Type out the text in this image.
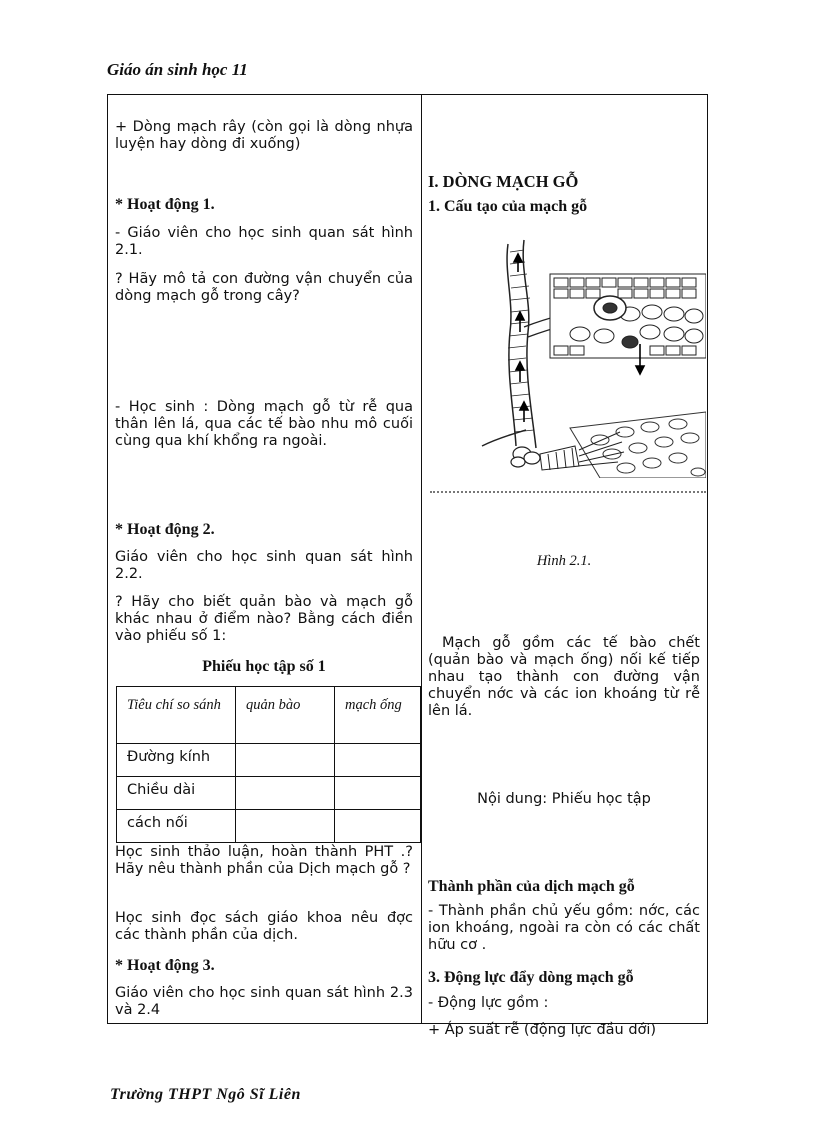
Giáo án sinh học 11

+ Dòng mạch rây (còn gọi là dòng nhựa luyện hay dòng đi xuống)

* Hoạt động 1.

- Giáo viên cho học sinh quan sát hình 2.1.

? Hãy mô tả con đường vận chuyển của dòng mạch gỗ trong cây?

- Học sinh : Dòng mạch gỗ từ rễ qua thân lên lá, qua các tế bào nhu mô cuối cùng qua khí khổng ra ngoài.

* Hoạt động 2.

Giáo viên cho học sinh quan sát hình 2.2.

? Hãy cho biết quản bào và mạch gỗ khác nhau ở điểm nào? Bằng cách điền vào phiếu số 1:

Phiếu học tập số 1

Tiêu chí so sánh	quản bào	mạch ống
Đường kính		
Chiều dài		
cách nối		

Học sinh thảo luận, hoàn thành PHT .?Hãy nêu thành phần của Dịch mạch gỗ ?

Học sinh đọc sách giáo khoa nêu đợc các thành phần của dịch.

* Hoạt động 3.

Giáo viên cho học sinh quan sát hình 2.3 và 2.4

I. DÒNG MẠCH GỖ

1. Cấu tạo của mạch gỗ

Hình 2.1.

Mạch gỗ gồm các tế bào chết (quản bào và mạch ống) nối kế tiếp nhau tạo thành con đường vận chuyển nớc và các ion khoáng từ rễ lên lá.

Nội dung: Phiếu học tập

Thành phần của dịch mạch gỗ

- Thành phần chủ yếu gồm: nớc, các ion khoáng, ngoài ra còn có các chất hữu cơ .

3. Động lực đẩy dòng mạch gỗ

- Động lực gồm :

+ Áp suất rễ (động lực đầu dới)

Trường THPT Ngô Sĩ Liên
